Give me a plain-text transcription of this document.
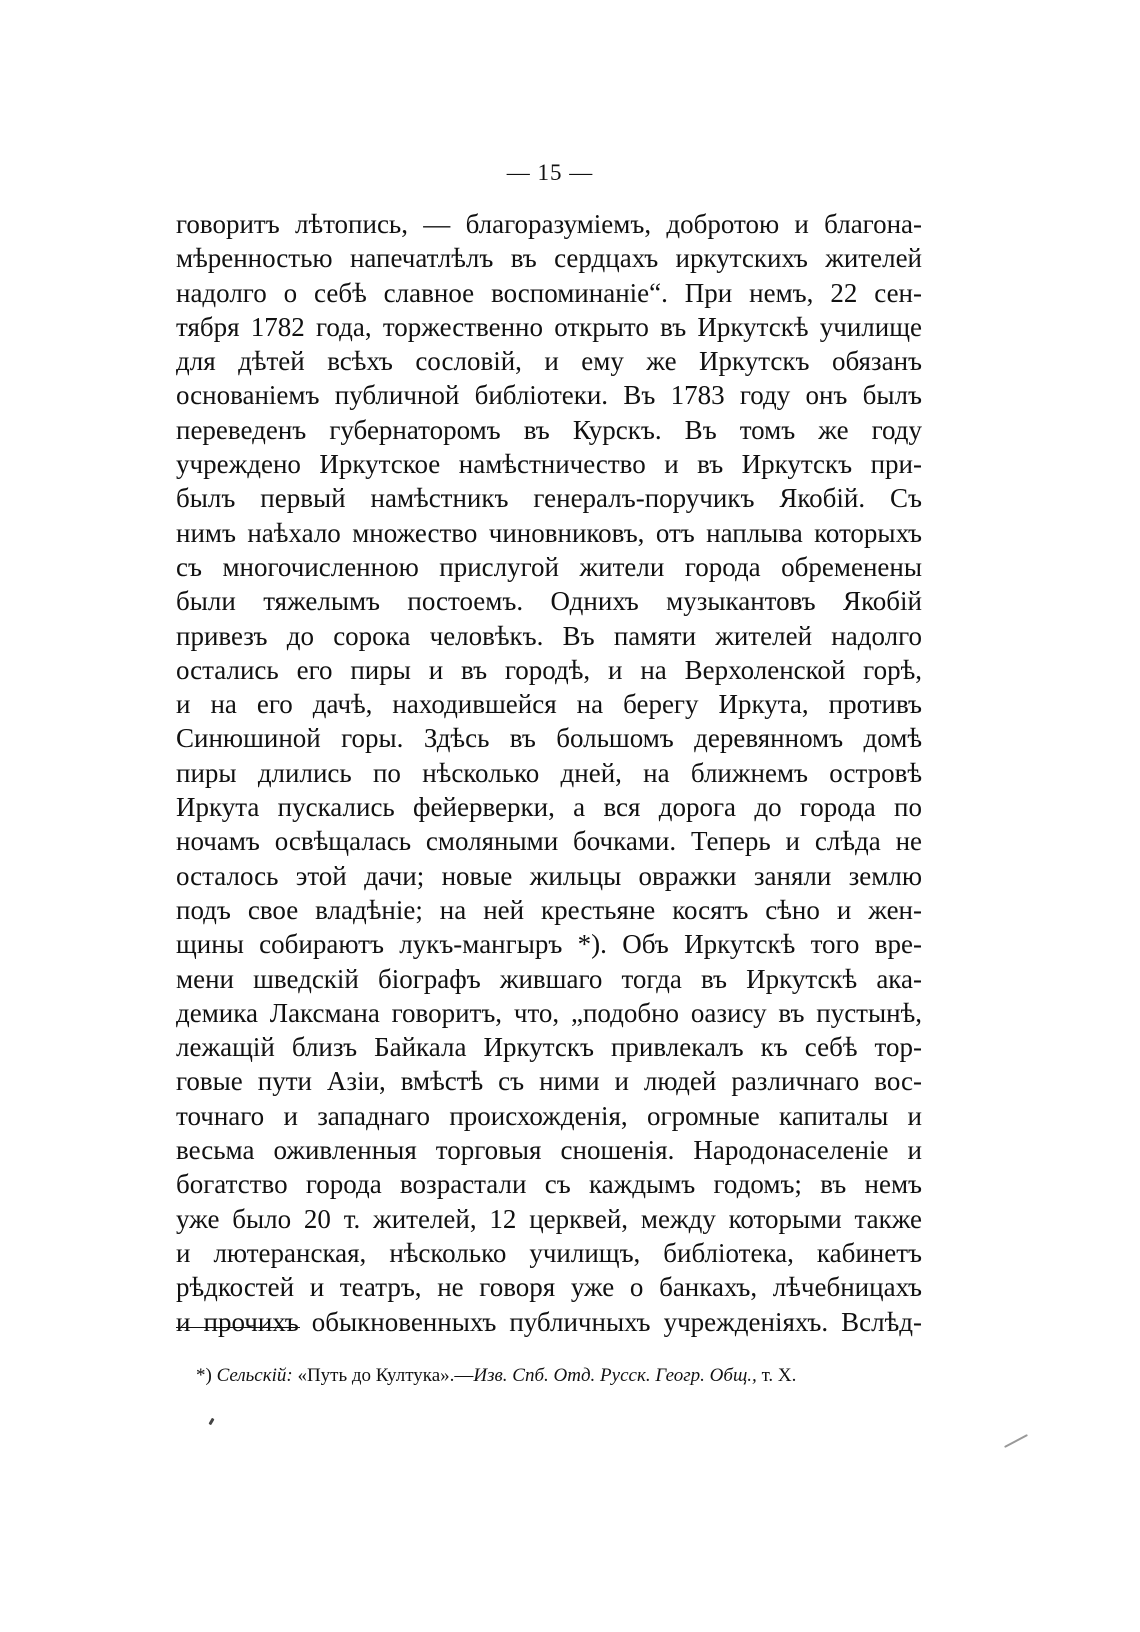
— 15 —
говоритъ лѣтопись, — благоразуміемъ, добротою и благона-
мѣренностью напечатлѣлъ въ сердцахъ иркутскихъ жителей
надолго о себѣ славное воспоминаніе“. При немъ, 22 сен-
тября 1782 года, торжественно открыто въ Иркутскѣ училище
для дѣтей всѣхъ сословій, и ему же Иркутскъ обязанъ
основаніемъ публичной библіотеки. Въ 1783 году онъ былъ
переведенъ губернаторомъ въ Курскъ. Въ томъ же году
учреждено Иркутское намѣстничество и въ Иркутскъ при-
былъ первый намѣстникъ генералъ-поручикъ Якобій. Съ
нимъ наѣхало множество чиновниковъ, отъ наплыва которыхъ
съ многочисленною прислугой жители города обременены
были тяжелымъ постоемъ. Однихъ музыкантовъ Якобій
привезъ до сорока человѣкъ. Въ памяти жителей надолго
остались его пиры и въ городѣ, и на Верхоленской горѣ,
и на его дачѣ, находившейся на берегу Иркута, противъ
Синюшиной горы. Здѣсь въ большомъ деревянномъ домѣ
пиры длились по нѣсколько дней, на ближнемъ островѣ
Иркута пускались фейерверки, а вся дорога до города по
ночамъ освѣщалась смоляными бочками. Теперь и слѣда не
осталось этой дачи; новые жильцы овражки заняли землю
подъ свое владѣніе; на ней крестьяне косятъ сѣно и жен-
щины собираютъ лукъ-мангыръ *). Объ Иркутскѣ того вре-
мени шведскій біографъ жившаго тогда въ Иркутскѣ ака-
демика Лаксмана говоритъ, что, „подобно оазису въ пустынѣ,
лежащій близъ Байкала Иркутскъ привлекалъ къ себѣ тор-
говые пути Азіи, вмѣстѣ съ ними и людей различнаго вос-
точнаго и западнаго происхожденія, огромные капиталы и
весьма оживленныя торговыя сношенія. Народонаселеніе и
богатство города возрастали съ каждымъ годомъ; въ немъ
уже было 20 т. жителей, 12 церквей, между которыми также
и лютеранская, нѣсколько училищъ, библіотека, кабинетъ
рѣдкостей и театръ, не говоря уже о банкахъ, лѣчебницахъ
и прочихъ обыкновенныхъ публичныхъ учрежденіяхъ. Вслѣд-
*) Сельскій: «Путь до Култука».—Изв. Спб. Отд. Русск. Геогр. Общ., т. X.
